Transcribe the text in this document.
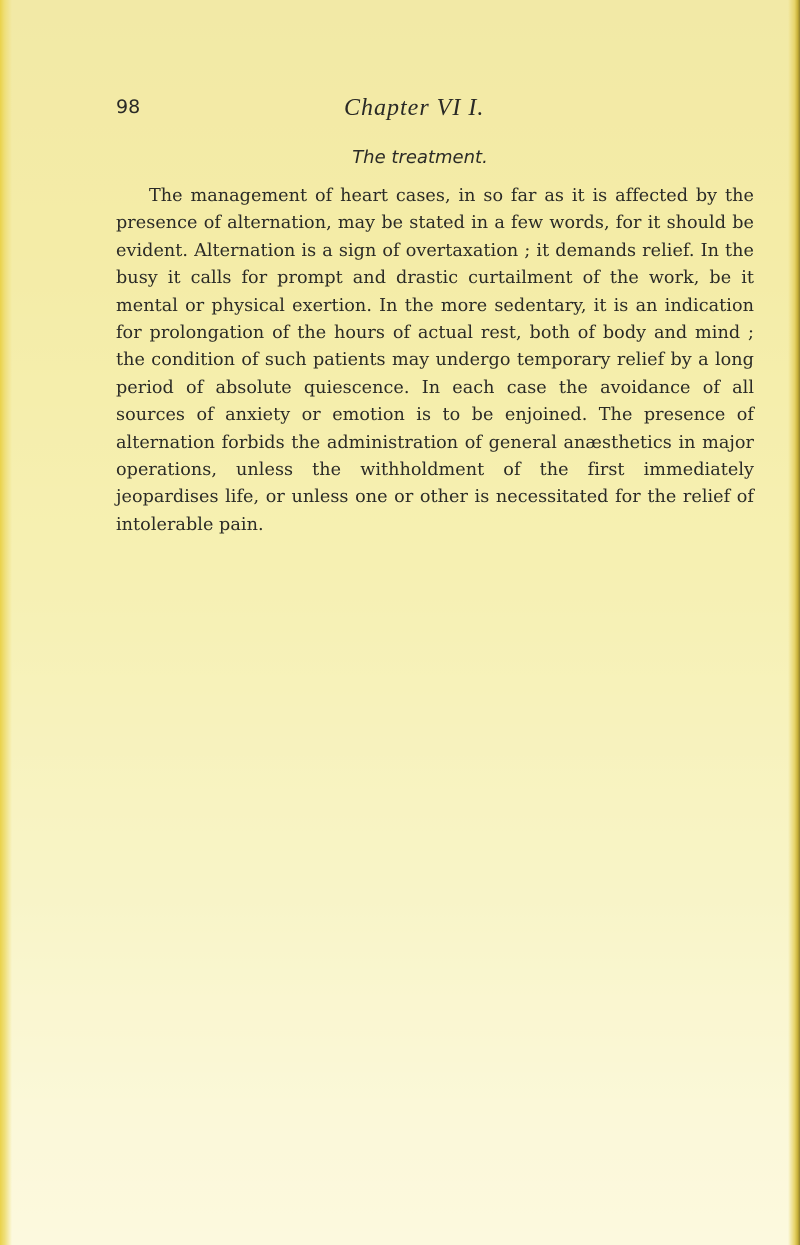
98	Chapter VI I.
The treatment.

The management of heart cases, in so far as it is affected by the presence of alternation, may be stated in a few words, for it should be evident. Alternation is a sign of overtaxation ; it demands relief. In the busy it calls for prompt and drastic curtailment of the work, be it mental or physical exertion. In the more sedentary, it is an indication for prolongation of the hours of actual rest, both of body and mind ; the condition of such patients may undergo temporary relief by a long period of absolute quiescence. In each case the avoidance of all sources of anxiety or emotion is to be enjoined. The presence of alternation forbids the administration of general anæsthetics in major operations, unless the withholdment of the first immediately jeopardises life, or unless one or other is necessitated for the relief of intolerable pain.
